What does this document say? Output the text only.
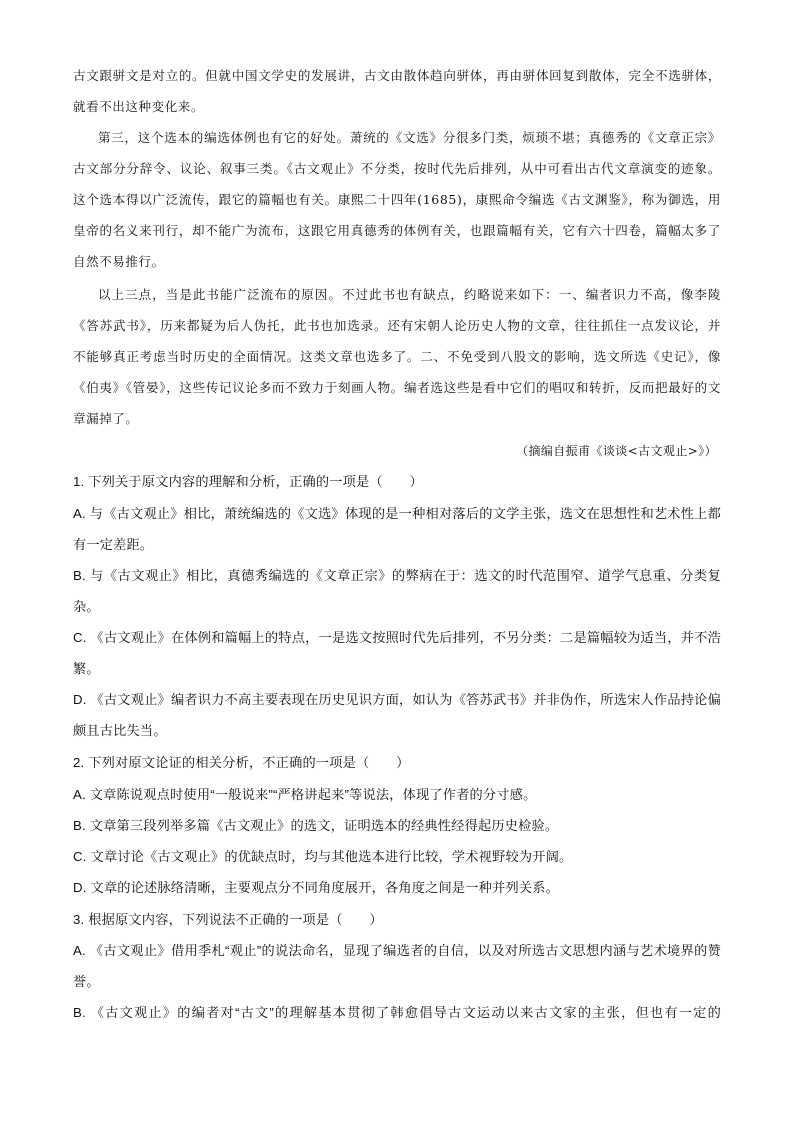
古文跟骈文是对立的。但就中国文学史的发展讲，古文由散体趋向骈体，再由骈体回复到散体，完全不选骈体，就看不出这种变化来。

第三，这个选本的编选体例也有它的好处。萧统的《文选》分很多门类，烦琐不堪；真德秀的《文章正宗》古文部分分辞令、议论、叙事三类。《古文观止》不分类，按时代先后排列，从中可看出古代文章演变的迹象。这个选本得以广泛流传，跟它的篇幅也有关。康熙二十四年(1685)，康熙命令编选《古文渊鉴》，称为御选，用皇帝的名义来刊行，却不能广为流布，这跟它用真德秀的体例有关，也跟篇幅有关，它有六十四卷，篇幅太多了自然不易推行。

以上三点，当是此书能广泛流布的原因。不过此书也有缺点，约略说来如下：一、编者识力不高，像李陵《答苏武书》，历来都疑为后人伪托，此书也加选录。还有宋朝人论历史人物的文章，往往抓住一点发议论，并不能够真正考虑当时历史的全面情况。这类文章也选多了。二、不免受到八股文的影响，选文所选《史记》，像《伯夷》《管晏》，这些传记议论多而不致力于刻画人物。编者选这些是看中它们的唱叹和转折，反而把最好的文章漏掉了。

（摘编自振甫《谈谈<古文观止>》）

1. 下列关于原文内容的理解和分析，正确的一项是（　　）

A. 与《古文观止》相比，萧统编选的《文选》体现的是一种相对落后的文学主张，选文在思想性和艺术性上都有一定差距。

B. 与《古文观止》相比，真德秀编选的《文章正宗》的弊病在于：选文的时代范围窄、道学气息重、分类复杂。

C. 《古文观止》在体例和篇幅上的特点，一是选文按照时代先后排列，不另分类：二是篇幅较为适当，并不浩繁。

D. 《古文观止》编者识力不高主要表现在历史见识方面，如认为《答苏武书》并非伪作，所选宋人作品持论偏颇且古比失当。

2. 下列对原文论证的相关分析，不正确的一项是（　　）

A. 文章陈说观点时使用“一般说来”“严格讲起来”等说法，体现了作者的分寸感。

B. 文章第三段列举多篇《古文观止》的选文，证明选本的经典性经得起历史检验。

C. 文章讨论《古文观止》的优缺点时，均与其他选本进行比较，学术视野较为开阔。

D. 文章的论述脉络清晰，主要观点分不同角度展开，各角度之间是一种并列关系。

3. 根据原文内容，下列说法不正确的一项是（　　）

A. 《古文观止》借用季札“观止”的说法命名，显现了编选者的自信，以及对所选古文思想内涵与艺术境界的赞誉。

B. 《古文观止》的编者对“古文”的理解基本贯彻了韩愈倡导古文运动以来古文家的主张，但也有一定的
